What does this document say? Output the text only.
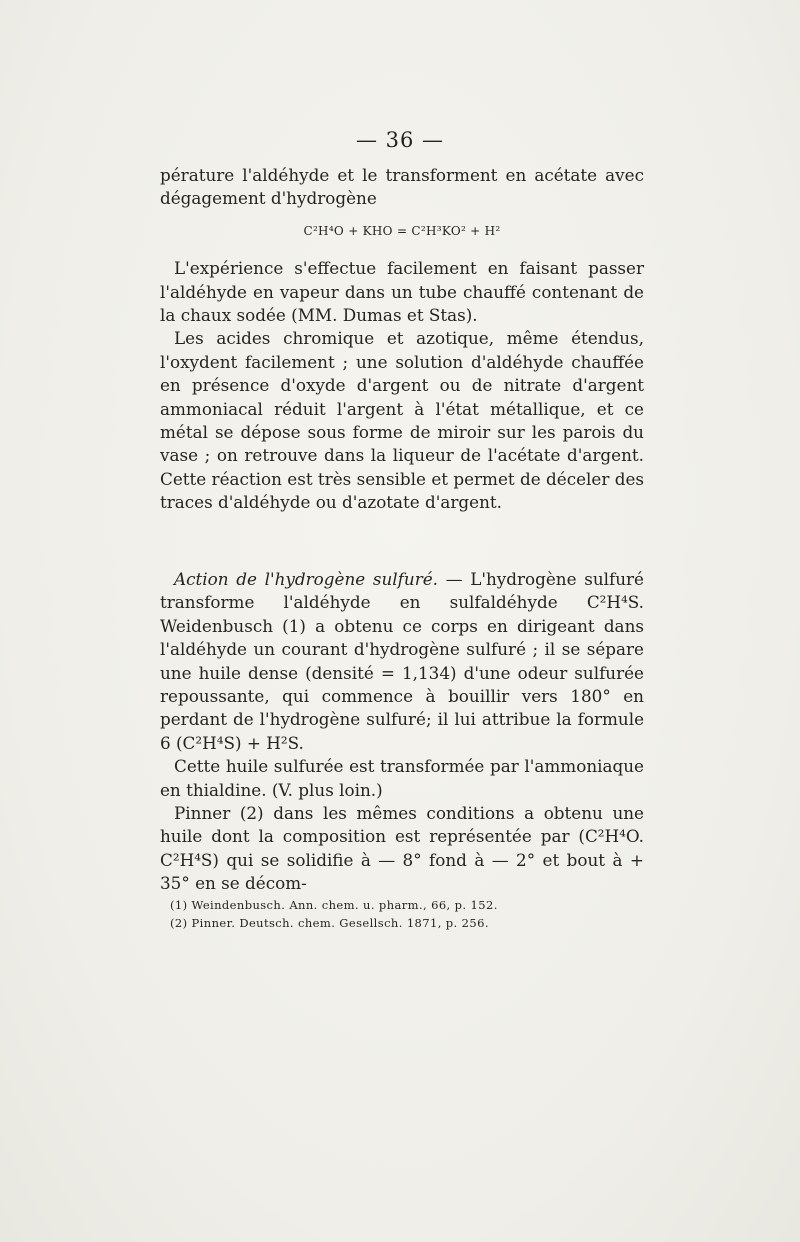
— 36 —

pérature l'aldéhyde et le transforment en acétate avec

dégagement d'hydrogène

C²H⁴O + KHO = C²H³KO² + H²

L'expérience s'effectue facilement en faisant passer l'aldéhyde en vapeur dans un tube chauffé contenant de la chaux sodée (MM. Dumas et Stas).

Les acides chromique et azotique, même étendus, l'oxydent facilement ; une solution d'aldéhyde chauffée en présence d'oxyde d'argent ou de nitrate d'argent ammoniacal réduit l'argent à l'état métallique, et ce métal se dépose sous forme de miroir sur les parois du vase ; on retrouve dans la liqueur de l'acétate d'argent. Cette réaction est très sensible et permet de déceler des traces d'aldéhyde ou d'azotate d'argent.

Action de l'hydrogène sulfuré. — L'hydrogène sulfuré transforme l'aldéhyde en sulfaldéhyde C²H⁴S. Weidenbusch (1) a obtenu ce corps en dirigeant dans l'aldéhyde un courant d'hydrogène sulfuré ; il se sépare une huile dense (densité = 1,134) d'une odeur sulfurée repoussante, qui commence à bouillir vers 180° en perdant de l'hydrogène sulfuré; il lui attribue la formule 6 (C²H⁴S) + H²S.

Cette huile sulfurée est transformée par l'ammoniaque en thialdine. (V. plus loin.)

Pinner (2) dans les mêmes conditions a obtenu une huile dont la composition est représentée par (C²H⁴O. C²H⁴S) qui se solidifie à — 8° fond à — 2° et bout à + 35° en se décom-

(1) Weindenbusch. Ann. chem. u. pharm., 66, p. 152.

(2) Pinner. Deutsch. chem. Gesellsch. 1871, p. 256.
